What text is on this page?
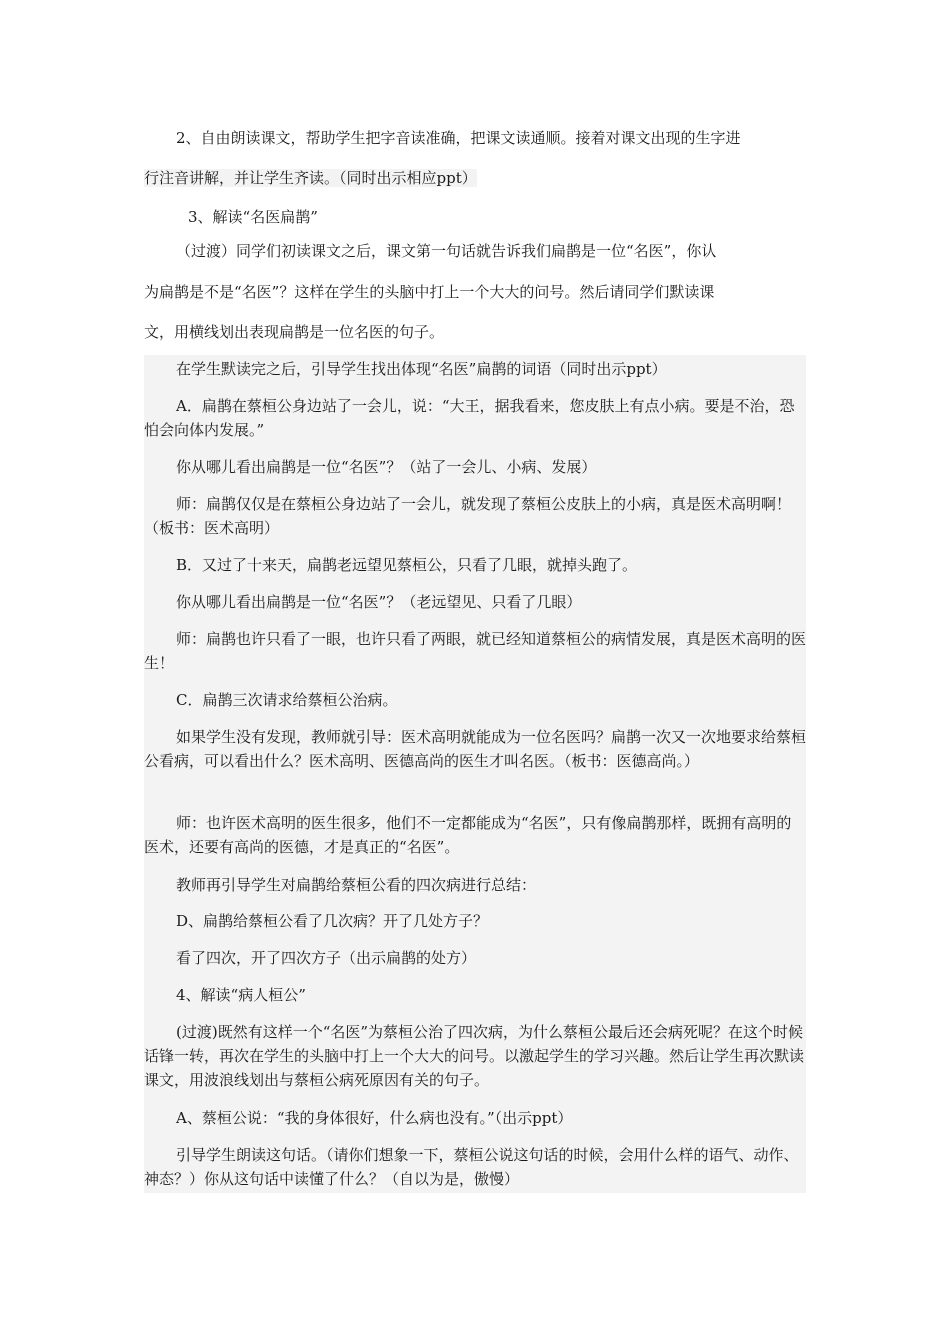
2、自由朗读课文，帮助学生把字音读准确，把课文读通顺。接着对课文出现的生字进

行注音讲解，并让学生齐读。（同时出示相应ppt）

3、解读“名医扁鹊”

（过渡）同学们初读课文之后，课文第一句话就告诉我们扁鹊是一位“名医”，你认

为扁鹊是不是“名医”？这样在学生的头脑中打上一个大大的问号。然后请同学们默读课

文，用横线划出表现扁鹊是一位名医的句子。

在学生默读完之后，引导学生找出体现“名医”扁鹊的词语（同时出示ppt）

A．扁鹊在蔡桓公身边站了一会儿，说：“大王，据我看来，您皮肤上有点小病。要是不治，恐怕会向体内发展。”

你从哪儿看出扁鹊是一位“名医”？（站了一会儿、小病、发展）

师：扁鹊仅仅是在蔡桓公身边站了一会儿，就发现了蔡桓公皮肤上的小病，真是医术高明啊！（板书：医术高明）

B．又过了十来天，扁鹊老远望见蔡桓公，只看了几眼，就掉头跑了。

你从哪儿看出扁鹊是一位“名医”？（老远望见、只看了几眼）

师：扁鹊也许只看了一眼，也许只看了两眼，就已经知道蔡桓公的病情发展，真是医术高明的医生！

C．扁鹊三次请求给蔡桓公治病。

如果学生没有发现，教师就引导：医术高明就能成为一位名医吗？扁鹊一次又一次地要求给蔡桓公看病，可以看出什么？医术高明、医德高尚的医生才叫名医。（板书：医德高尚。）

师：也许医术高明的医生很多，他们不一定都能成为“名医”，只有像扁鹊那样，既拥有高明的医术，还要有高尚的医德，才是真正的“名医”。

教师再引导学生对扁鹊给蔡桓公看的四次病进行总结：

D、扁鹊给蔡桓公看了几次病？开了几处方子？

看了四次，开了四次方子（出示扁鹊的处方）

4、解读“病人桓公”

(过渡)既然有这样一个“名医”为蔡桓公治了四次病，为什么蔡桓公最后还会病死呢？在这个时候话锋一转，再次在学生的头脑中打上一个大大的问号。以激起学生的学习兴趣。然后让学生再次默读课文，用波浪线划出与蔡桓公病死原因有关的句子。

A、蔡桓公说：“我的身体很好，什么病也没有。”（出示ppt）

引导学生朗读这句话。（请你们想象一下，蔡桓公说这句话的时候，会用什么样的语气、动作、神态？）你从这句话中读懂了什么？（自以为是，傲慢）
